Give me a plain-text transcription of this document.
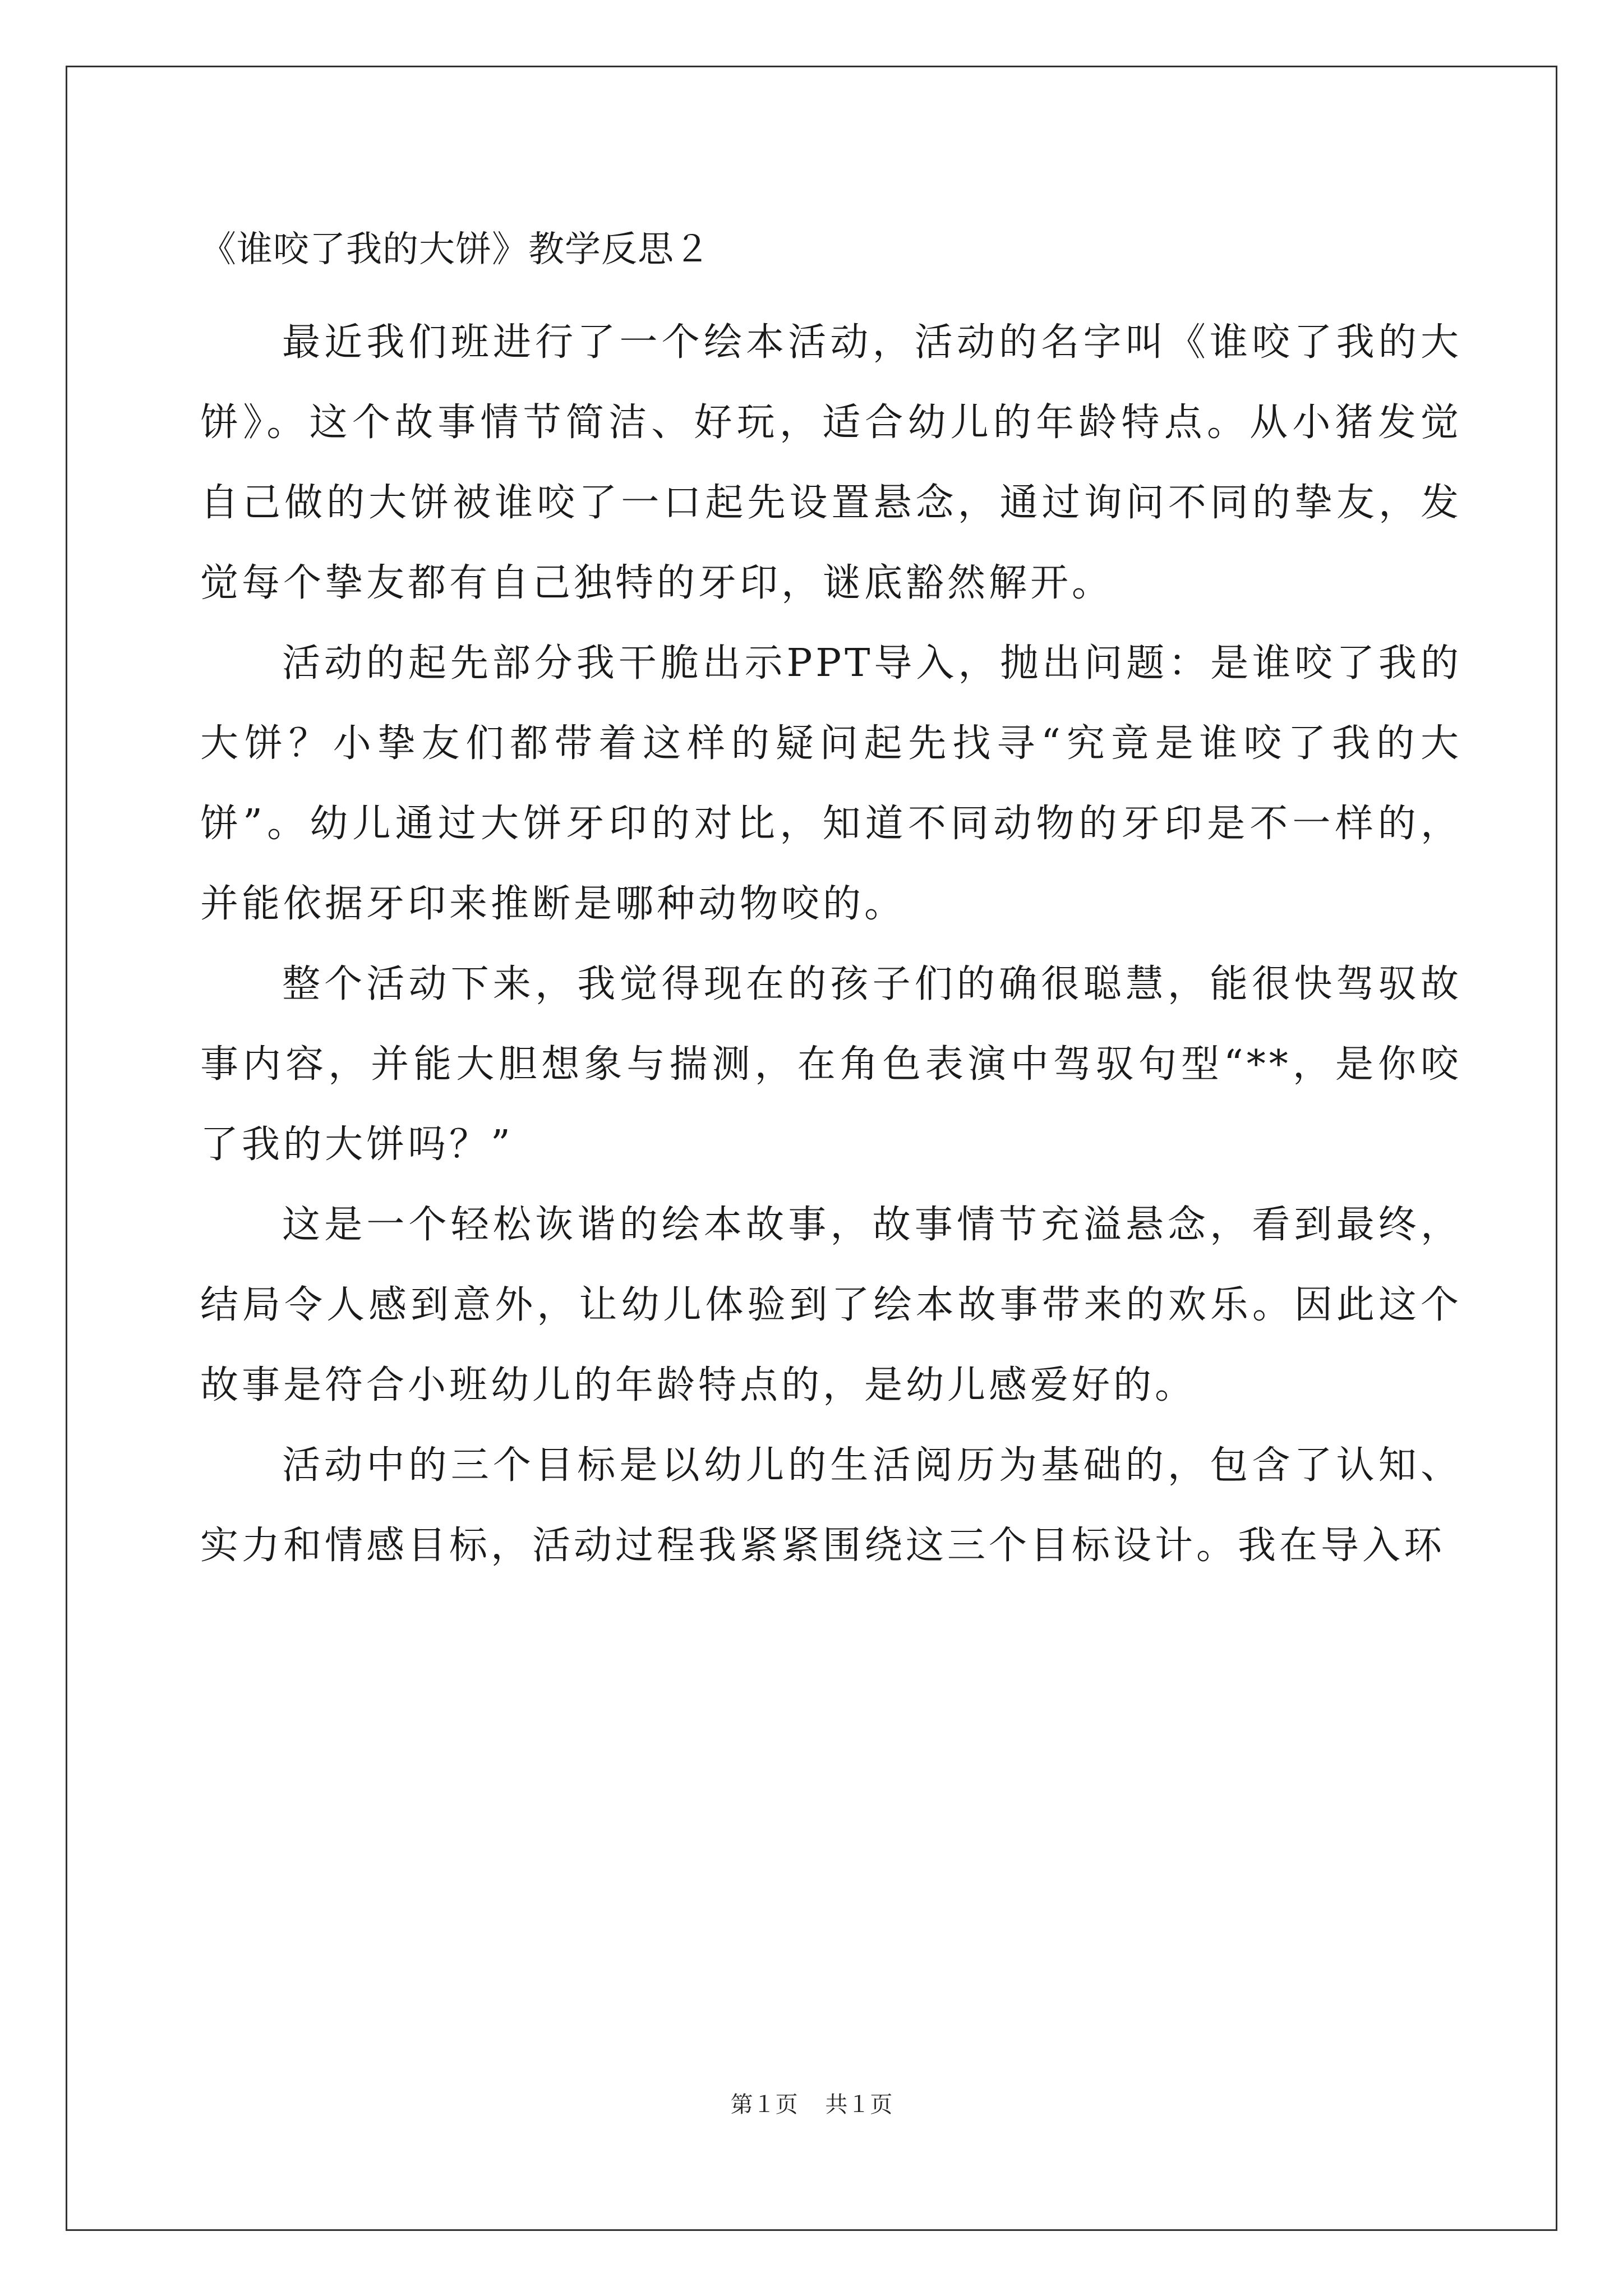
《谁咬了我的大饼》教学反思２

最近我们班进行了一个绘本活动，活动的名字叫《谁咬了我的大饼》。这个故事情节简洁、好玩，适合幼儿的年龄特点。从小猪发觉自己做的大饼被谁咬了一口起先设置悬念，通过询问不同的挚友，发觉每个挚友都有自己独特的牙印，谜底豁然解开。

活动的起先部分我干脆出示PPT导入，抛出问题：是谁咬了我的大饼？小挚友们都带着这样的疑问起先找寻“究竟是谁咬了我的大饼”。幼儿通过大饼牙印的对比，知道不同动物的牙印是不一样的，并能依据牙印来推断是哪种动物咬的。

整个活动下来，我觉得现在的孩子们的确很聪慧，能很快驾驭故事内容，并能大胆想象与揣测，在角色表演中驾驭句型“**，是你咬了我的大饼吗？”

这是一个轻松诙谐的绘本故事，故事情节充溢悬念，看到最终，结局令人感到意外，让幼儿体验到了绘本故事带来的欢乐。因此这个故事是符合小班幼儿的年龄特点的，是幼儿感爱好的。

活动中的三个目标是以幼儿的生活阅历为基础的，包含了认知、实力和情感目标，活动过程我紧紧围绕这三个目标设计。我在导入环

第１页 共１页
